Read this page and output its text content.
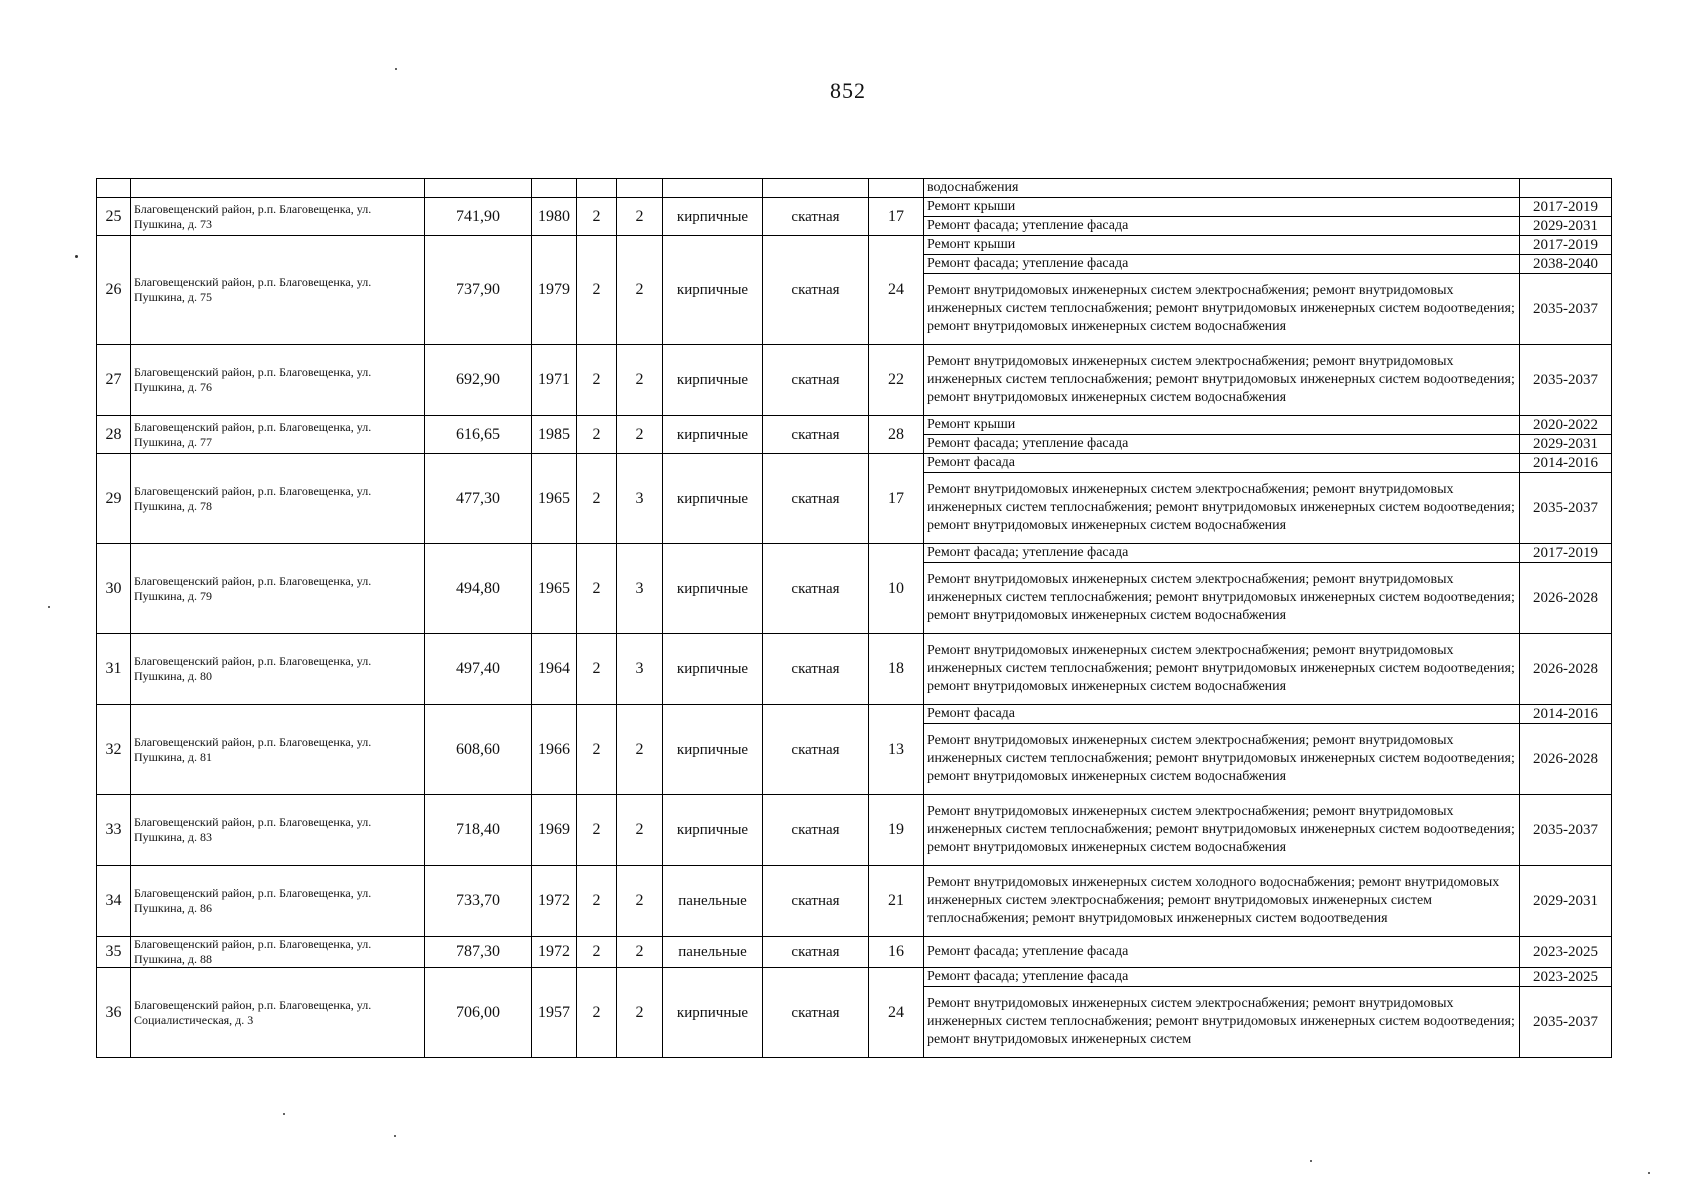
852
									водоснабжения	
25	Благовещенский район, р.п. Благовещенка, ул. Пушкина, д. 73	741,90	1980	2	2	кирпичные	скатная	17	Ремонт крыши	2017-2019
									Ремонт фасада; утепление фасада	2029-2031
26	Благовещенский район, р.п. Благовещенка, ул. Пушкина, д. 75	737,90	1979	2	2	кирпичные	скатная	24	Ремонт крыши	2017-2019
									Ремонт фасада; утепление фасада	2038-2040
									Ремонт внутридомовых инженерных систем электроснабжения; ремонт внутридомовых инженерных систем теплоснабжения; ремонт внутридомовых инженерных систем водоотведения; ремонт внутридомовых инженерных систем водоснабжения	2035-2037
27	Благовещенский район, р.п. Благовещенка, ул. Пушкина, д. 76	692,90	1971	2	2	кирпичные	скатная	22	Ремонт внутридомовых инженерных систем электроснабжения; ремонт внутридомовых инженерных систем теплоснабжения; ремонт внутридомовых инженерных систем водоотведения; ремонт внутридомовых инженерных систем водоснабжения	2035-2037
28	Благовещенский район, р.п. Благовещенка, ул. Пушкина, д. 77	616,65	1985	2	2	кирпичные	скатная	28	Ремонт крыши	2020-2022
									Ремонт фасада; утепление фасада	2029-2031
29	Благовещенский район, р.п. Благовещенка, ул. Пушкина, д. 78	477,30	1965	2	3	кирпичные	скатная	17	Ремонт фасада	2014-2016
									Ремонт внутридомовых инженерных систем электроснабжения; ремонт внутридомовых инженерных систем теплоснабжения; ремонт внутридомовых инженерных систем водоотведения; ремонт внутридомовых инженерных систем водоснабжения	2035-2037
30	Благовещенский район, р.п. Благовещенка, ул. Пушкина, д. 79	494,80	1965	2	3	кирпичные	скатная	10	Ремонт фасада; утепление фасада	2017-2019
									Ремонт внутридомовых инженерных систем электроснабжения; ремонт внутридомовых инженерных систем теплоснабжения; ремонт внутридомовых инженерных систем водоотведения; ремонт внутридомовых инженерных систем водоснабжения	2026-2028
31	Благовещенский район, р.п. Благовещенка, ул. Пушкина, д. 80	497,40	1964	2	3	кирпичные	скатная	18	Ремонт внутридомовых инженерных систем электроснабжения; ремонт внутридомовых инженерных систем теплоснабжения; ремонт внутридомовых инженерных систем водоотведения; ремонт внутридомовых инженерных систем водоснабжения	2026-2028
32	Благовещенский район, р.п. Благовещенка, ул. Пушкина, д. 81	608,60	1966	2	2	кирпичные	скатная	13	Ремонт фасада	2014-2016
									Ремонт внутридомовых инженерных систем электроснабжения; ремонт внутридомовых инженерных систем теплоснабжения; ремонт внутридомовых инженерных систем водоотведения; ремонт внутридомовых инженерных систем водоснабжения	2026-2028
33	Благовещенский район, р.п. Благовещенка, ул. Пушкина, д. 83	718,40	1969	2	2	кирпичные	скатная	19	Ремонт внутридомовых инженерных систем электроснабжения; ремонт внутридомовых инженерных систем теплоснабжения; ремонт внутридомовых инженерных систем водоотведения; ремонт внутридомовых инженерных систем водоснабжения	2035-2037
34	Благовещенский район, р.п. Благовещенка, ул. Пушкина, д. 86	733,70	1972	2	2	панельные	скатная	21	Ремонт внутридомовых инженерных систем холодного водоснабжения; ремонт внутридомовых инженерных систем электроснабжения; ремонт внутридомовых инженерных систем теплоснабжения; ремонт внутридомовых инженерных систем водоотведения	2029-2031
35	Благовещенский район, р.п. Благовещенка, ул. Пушкина, д. 88	787,30	1972	2	2	панельные	скатная	16	Ремонт фасада; утепление фасада	2023-2025
36	Благовещенский район, р.п. Благовещенка, ул. Социалистическая, д. 3	706,00	1957	2	2	кирпичные	скатная	24	Ремонт фасада; утепление фасада	2023-2025
									Ремонт внутридомовых инженерных систем электроснабжения; ремонт внутридомовых инженерных систем теплоснабжения; ремонт внутридомовых инженерных систем водоотведения; ремонт внутридомовых инженерных систем	2035-2037
